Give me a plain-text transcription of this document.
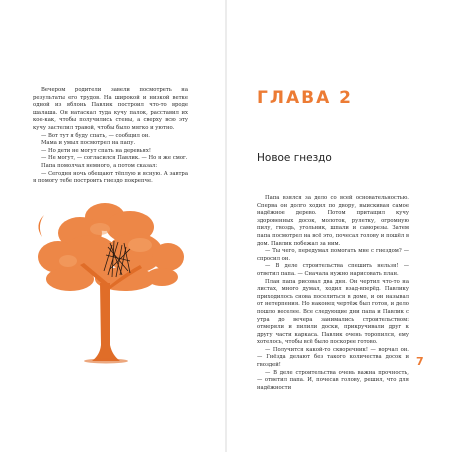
Вечером родители завели посмотреть на результаты его трудов. На широкой и низкой ветке одной из яблонь Павлик построил что-то вроде шалаша. Он натаскал туда кучу палок, расставил их кое-как, чтобы получились стены, а сверху всю эту кучу застелил травой, чтобы было мягко и уютно.

— Вот тут я буду спать, — сообщил он.

Мама и умыл посмотрел на папу.

— Но дети не могут спать на деревьях!

— Не могут, — согласился Павлик. — Но я же смог.

Папа помолчал немного, а потом сказал:

— Сегодня ночь обещают тёплую и ясную. А завтра я помогу тебе построить гнездо покрепче.

ГЛАВА 2
Новое гнездо

Папа взялся за дело со всей основательностью. Сперва он долго ходил по двору, выискивая самое надёжное дерево. Потом притащил кучу здоровенных досок, молоток, рулетку, огромную пилу, гвоздь, угольник, шпали и саморезы. Затем папа посмотрел на всё это, почесал голову и пошёл в дом. Павлик побежал за ним.

— Ты чего, передумал помогать мне с гнездом? — спросил он.

— В деле строительства спешить нельзя! — ответил папа. — Сначала нужно нарисовать план.

План папа рисовал два дня. Он чертил что-то на листах, много думал, ходил взад-вперёд. Павлику приходилось снова поселиться в доме, и он называл от нетерпения. Но наконец чертёж был готов, и дело пошло веселее. Все следующие дни папа и Павлик с утра до вечера занимались строительством: отмеряли и пилили доски, прикручивали друг к другу части каркаса. Павлик очень торопился, ему хотелось, чтобы всё было поскорее готово.

— Получится какой-то скворечник! — ворчал он. — Гнёзда делают без такого количества досок и гвоздей!

— В деле строительства очень важна прочность, — ответил папа. И, почесав голову, решил, что для надёжности

7
